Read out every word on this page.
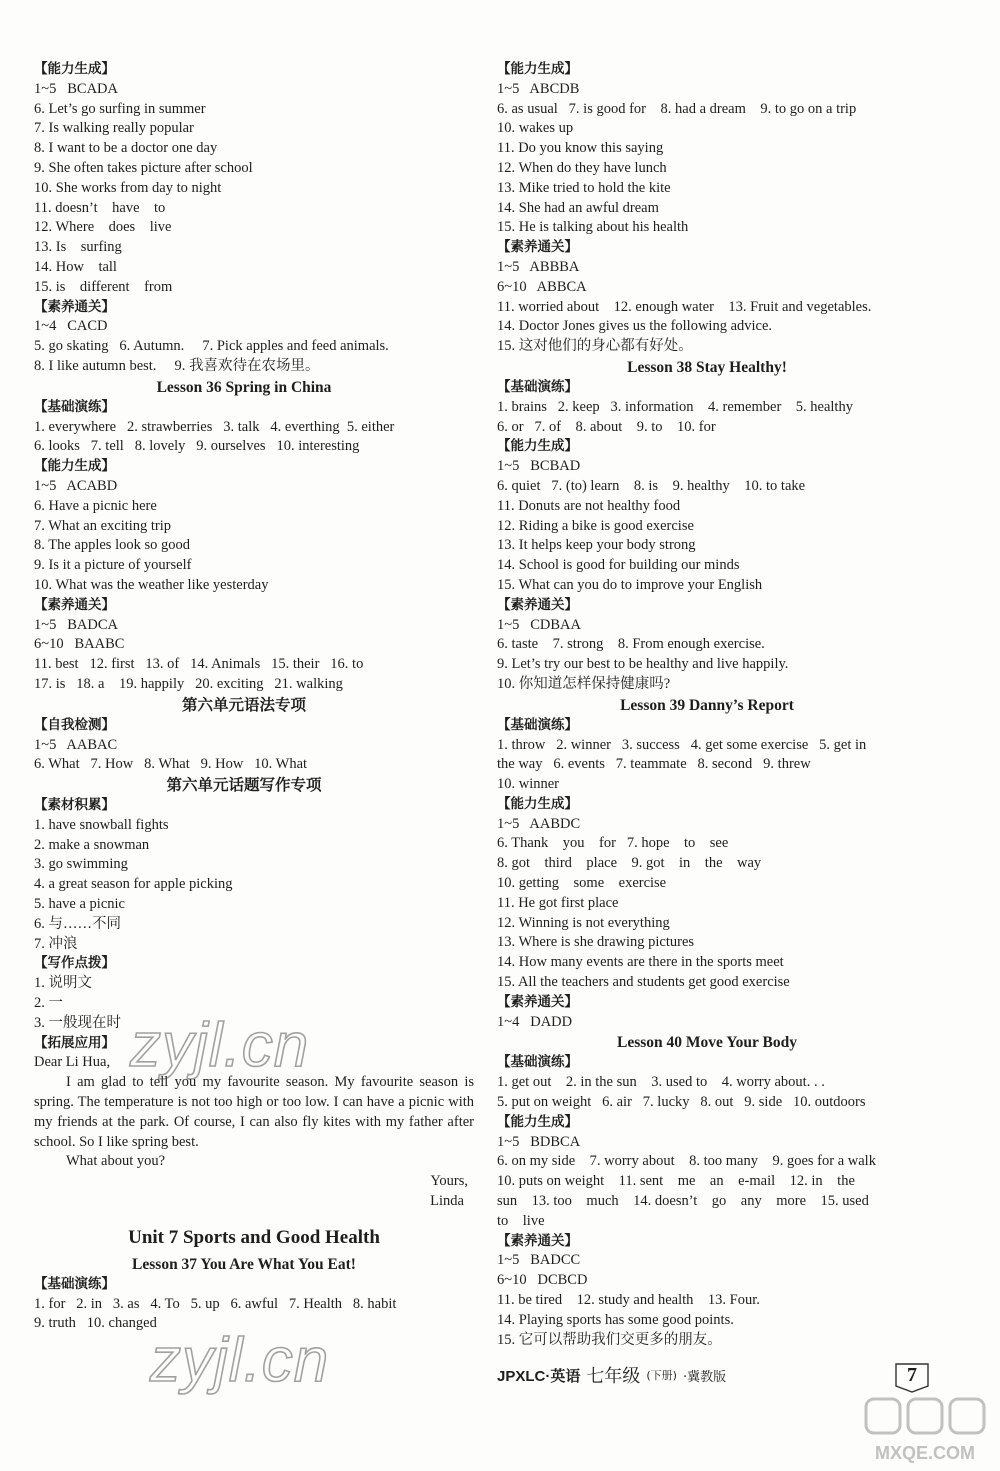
【能力生成】
1~5   BCADA
6. Let’s go surfing in summer
7. Is walking really popular
8. I want to be a doctor one day
9. She often takes picture after school
10. She works from day to night
11. doesn’t    have    to
12. Where    does    live
13. Is    surfing
14. How    tall
15. is    different    from
【素养通关】
1~4   CACD
5. go skating   6. Autumn.     7. Pick apples and feed animals.
8. I like autumn best.     9. 我喜欢待在农场里。
Lesson 36 Spring in China
【基础演练】
1. everywhere   2. strawberries   3. talk   4. everthing  5. either
6. looks   7. tell   8. lovely   9. ourselves   10. interesting
【能力生成】
1~5   ACABD
6. Have a picnic here
7. What an exciting trip
8. The apples look so good
9. Is it a picture of yourself
10. What was the weather like yesterday
【素养通关】
1~5   BADCA
6~10   BAABC
11. best   12. first   13. of   14. Animals   15. their   16. to
17. is   18. a    19. happily   20. exciting   21. walking
第六单元语法专项
【自我检测】
1~5   AABAC
6. What   7. How   8. What   9. How   10. What
第六单元话题写作专项
【素材积累】
1. have snowball fights
2. make a snowman
3. go swimming
4. a great season for apple picking
5. have a picnic
6. 与……不同
7. 冲浪
【写作点拨】
1. 说明文
2. 一
3. 一般现在时
【拓展应用】
Dear Li Hua,
I am glad to tell you my favourite season. My favourite season is spring. The temperature is not too high or too low. I can have a picnic with my friends at the park. Of course, I can also fly kites with my father after school. So I like spring best.
What about you?
Yours,
Linda
Unit 7 Sports and Good Health
Lesson 37 You Are What You Eat!
【基础演练】
1. for   2. in   3. as   4. To   5. up   6. awful   7. Health   8. habit
9. truth   10. changed
【能力生成】
1~5   ABCDB
6. as usual   7. is good for    8. had a dream    9. to go on a trip
10. wakes up
11. Do you know this saying
12. When do they have lunch
13. Mike tried to hold the kite
14. She had an awful dream
15. He is talking about his health
【素养通关】
1~5   ABBBA
6~10   ABBCA
11. worried about    12. enough water    13. Fruit and vegetables.
14. Doctor Jones gives us the following advice.
15. 这对他们的身心都有好处。
Lesson 38 Stay Healthy!
【基础演练】
1. brains   2. keep   3. information    4. remember    5. healthy
6. or   7. of    8. about    9. to    10. for
【能力生成】
1~5   BCBAD
6. quiet   7. (to) learn    8. is    9. healthy    10. to take
11. Donuts are not healthy food
12. Riding a bike is good exercise
13. It helps keep your body strong
14. School is good for building our minds
15. What can you do to improve your English
【素养通关】
1~5   CDBAA
6. taste    7. strong    8. From enough exercise.
9. Let’s try our best to be healthy and live happily.
10. 你知道怎样保持健康吗?
Lesson 39 Danny’s Report
【基础演练】
1. throw   2. winner   3. success   4. get some exercise   5. get in
the way   6. events   7. teammate   8. second   9. threw
10. winner
【能力生成】
1~5   AABDC
6. Thank    you    for   7. hope    to    see
8. got    third    place    9. got    in    the    way
10. getting    some    exercise
11. He got first place
12. Winning is not everything
13. Where is she drawing pictures
14. How many events are there in the sports meet
15. All the teachers and students get good exercise
【素养通关】
1~4   DADD
Lesson 40 Move Your Body
【基础演练】
1. get out    2. in the sun    3. used to    4. worry about. . .
5. put on weight   6. air   7. lucky   8. out   9. side   10. outdoors
【能力生成】
1~5   BDBCA
6. on my side    7. worry about    8. too many    9. goes for a walk
10. puts on weight    11. sent    me    an    e-mail    12. in    the
sun    13. too    much    14. doesn’t    go    any    more    15. used
to    live
【素养通关】
1~5   BADCC
6~10   DCBCD
11. be tired    12. study and health    13. Four.
14. Playing sports has some good points.
15. 它可以帮助我们交更多的朋友。
JPXLC·英语 七年级 (下册) ·冀教版	7
zyjl.cn
zyjl.cn
MXQE.COM
